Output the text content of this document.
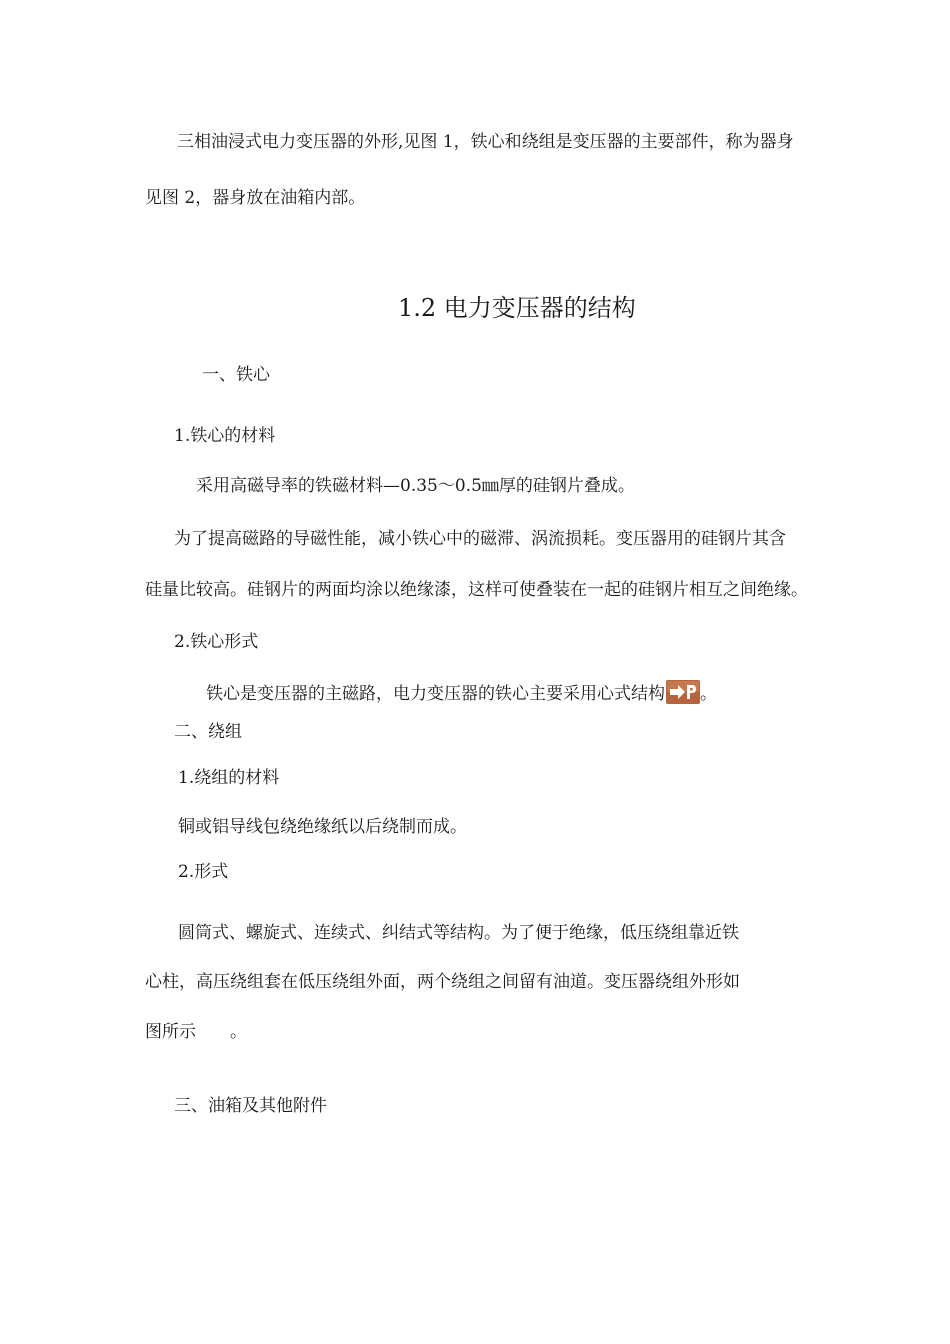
三相油浸式电力变压器的外形,见图 1，铁心和绕组是变压器的主要部件，称为器身
见图 2，器身放在油箱内部。
1.2 电力变压器的结构
一、铁心
1.铁心的材料
采用高磁导率的铁磁材料—0.35～0.5㎜厚的硅钢片叠成。
为了提高磁路的导磁性能，减小铁心中的磁滞、涡流损耗。变压器用的硅钢片其含
硅量比较高。硅钢片的两面均涂以绝缘漆，这样可使叠装在一起的硅钢片相互之间绝缘。
2.铁心形式
铁心是变压器的主磁路，电力变压器的铁心主要采用心式结构 。
二、绕组
1.绕组的材料
铜或铝导线包绕绝缘纸以后绕制而成。
2.形式
圆筒式、螺旋式、连续式、纠结式等结构。为了便于绝缘，低压绕组靠近铁
心柱，高压绕组套在低压绕组外面，两个绕组之间留有油道。变压器绕组外形如
图所示　　。
三、油箱及其他附件
